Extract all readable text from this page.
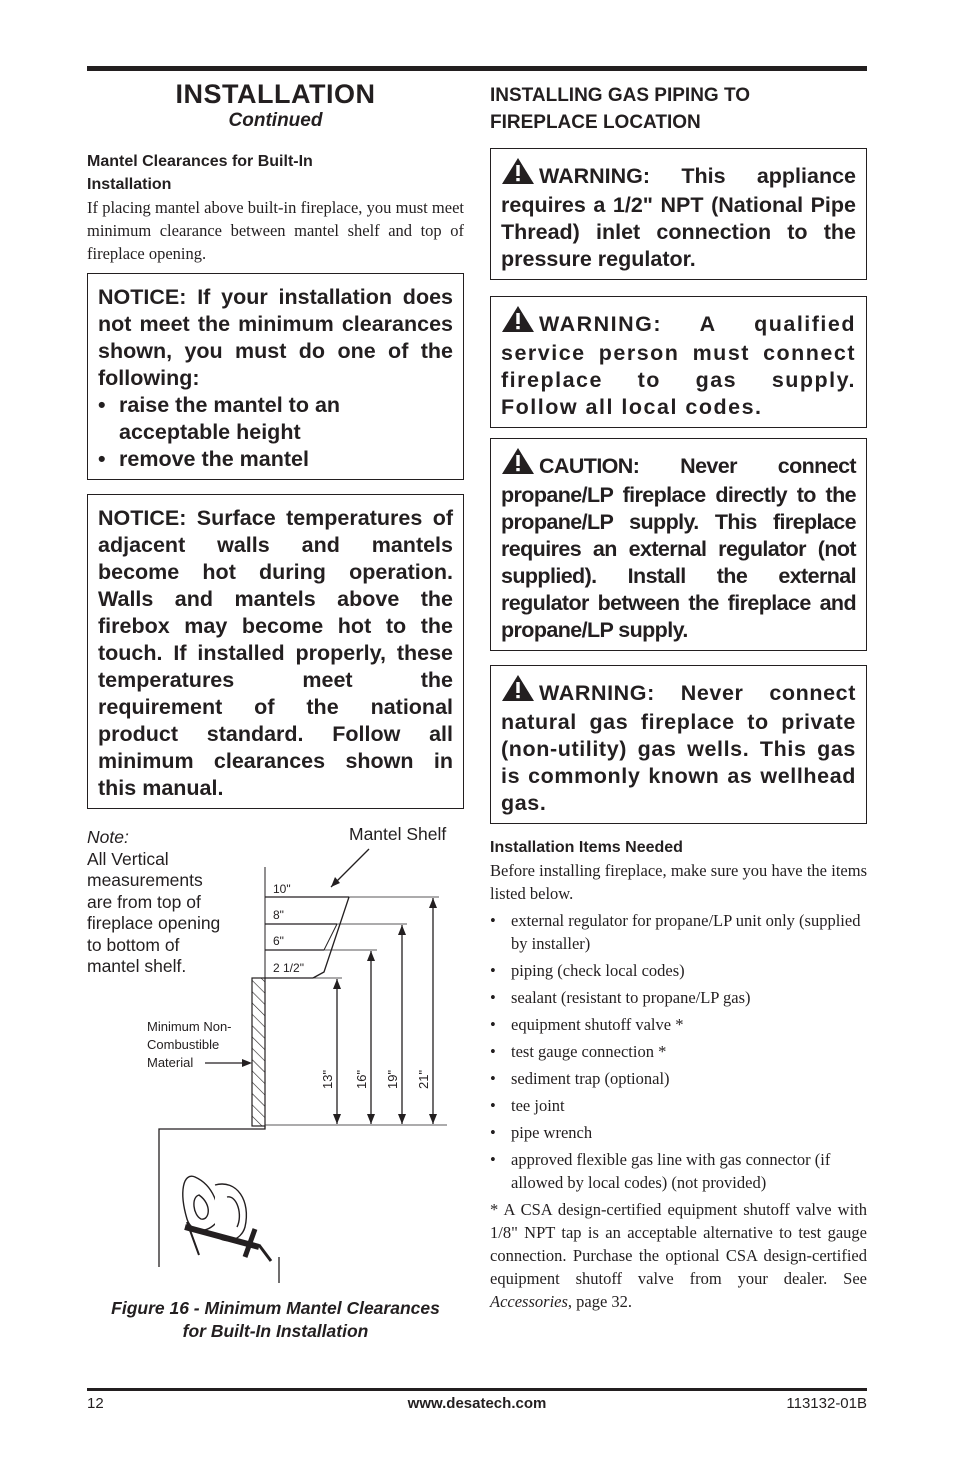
INSTALLATION

Continued

Mantel Clearances for Built-In Installation

If placing mantel above built-in fireplace, you must meet minimum clearance between mantel shelf and top of fireplace opening.

NOTICE: If your installation does not meet the minimum clearances shown, you must do one of the following:
• raise the mantel to an acceptable height
• remove the mantel
NOTICE: Surface temperatures of adjacent walls and mantels become hot during operation. Walls and mantels above the firebox may become hot to the touch. If installed properly, these temperatures meet the requirement of the national product standard. Follow all minimum clearances shown in this manual.
Note:
All Vertical
measurements
are from top of
fireplace opening
to bottom of
mantel shelf.
Mantel Shelf
10"
8"
6"
2 1/2"
13" 16" 19" 21"
Minimum Non-
Combustible
Material
Figure 16 - Minimum Mantel Clearances
for Built-In Installation

INSTALLING GAS PIPING TO FIREPLACE LOCATION

WARNING: This appliance requires a 1/2" NPT (National Pipe Thread) inlet connection to the pressure regulator.
WARNING: A qualified service person must connect fireplace to gas supply. Follow all local codes.
CAUTION: Never connect propane/LP fireplace directly to the propane/LP supply. This fireplace requires an external regulator (not supplied). Install the external regulator between the fireplace and propane/LP supply.
WARNING: Never connect natural gas fireplace to private (non-utility) gas wells. This gas is commonly known as wellhead gas.

Installation Items Needed

Before installing fireplace, make sure you have the items listed below.

• external regulator for propane/LP unit only (supplied by installer)
• piping (check local codes)
• sealant (resistant to propane/LP gas)
• equipment shutoff valve *
• test gauge connection *
• sediment trap (optional)
• tee joint
• pipe wrench
• approved flexible gas line with gas connector (if allowed by local codes) (not provided)

* A CSA design-certified equipment shutoff valve with 1/8" NPT tap is an acceptable alternative to test gauge connection. Purchase the optional CSA design-certified equipment shutoff valve from your dealer. See Accessories, page 32.

12	www.desatech.com	113132-01B
